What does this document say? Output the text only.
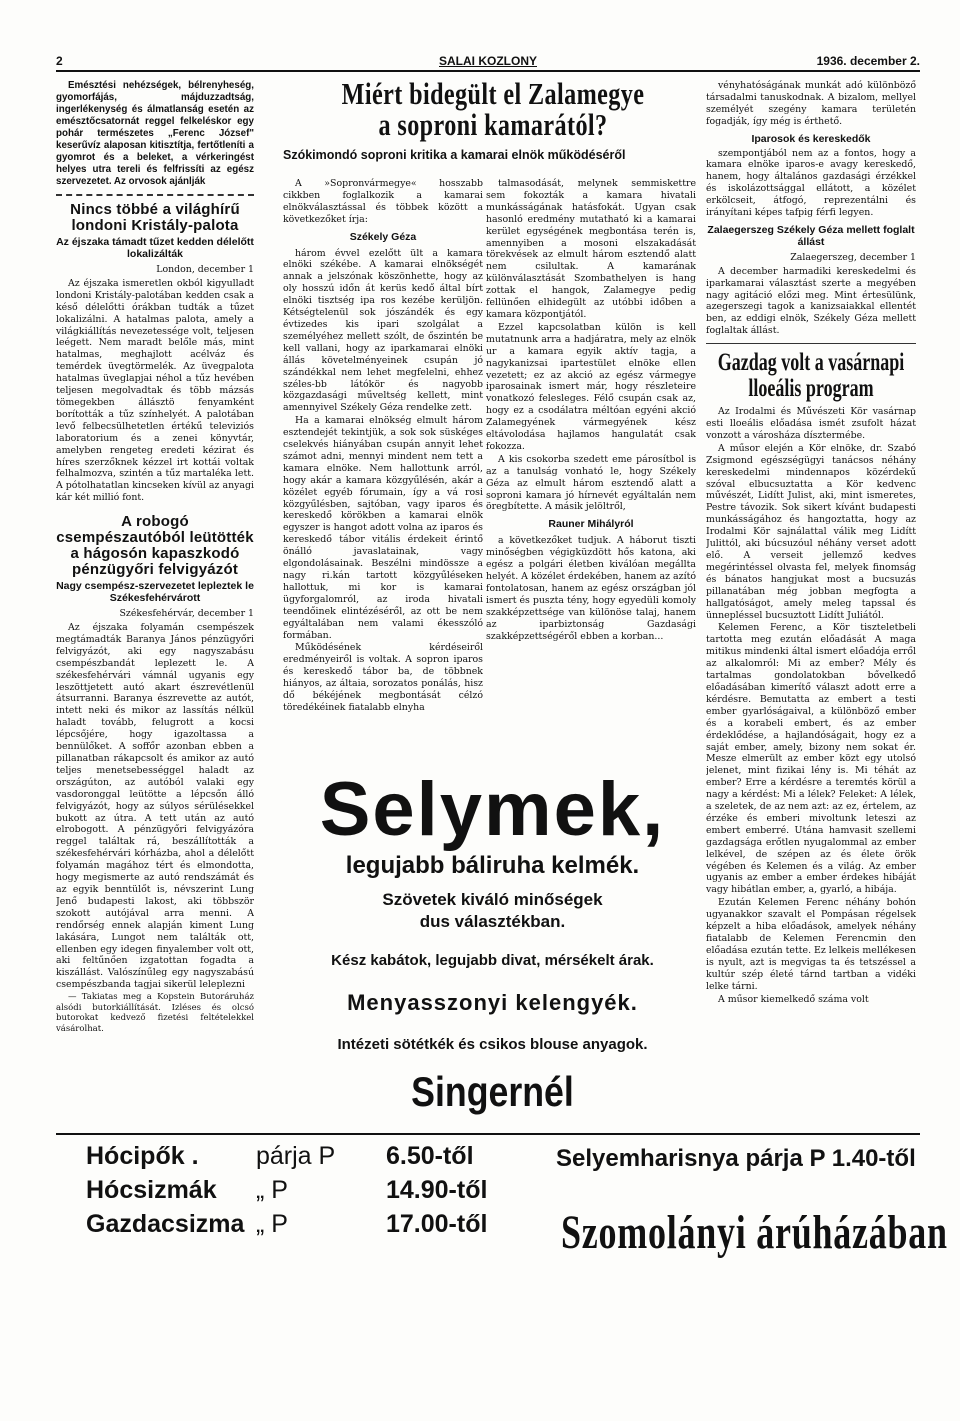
2	SALAI KOZLONY	1936. december 2.

Emésztési nehézségek, bélrenyheség, gyomorfájás, májduzzadtság, ingerlékenység és álmatlanság esetén az emésztőcsatornát reggel felkeléskor egy pohár természetes „Ferenc József" keserűvíz alaposan kitisztítja, fertőtleníti a gyomrot és a beleket, a vérkeringést helyes utra tereli és felfrissíti az egész szervezetet. Az orvosok ajánlják

Nincs többé a világhírű londoni Kristály-palota
Az éjszaka támadt tűzet kedden délelőtt lokalizálták
London, december 1

Az éjszaka ismeretlen okból kigyulladt londoni Kristály-palotában kedden csak a késő délelőtti órákban tudták a tűzet lokalizálni. A hatalmas palota, amely a világkiállítás nevezetessége volt, teljesen leégett. Nem maradt belőle más, mint hatalmas, meghajlott acélváz és temérdek üvegtörmelék. Az üvegpalota hatalmas üveglapjai néhol a tűz hevében teljesen megolvadtak és több mázsás tömegekben állásztö fenyamként borították a tűz színhelyét. A palotában levő felbecsülhetetlen értékű televiziós laboratorium és a zenei könyvtár, amelyben rengeteg eredeti kézirat és híres szerzőknek kézzel irt kottái voltak felhalmozva, szintén a tűz martaléka lett. A pótolhatatlan kincseken kívül az anyagi kár két millió font.

A robogó csempészautóból leütötték a hágosón kapaszkodó pénzügyőri felvigyázót
Nagy csempész-szervezetet lepleztek le Székesfehérvárott
Székesfehérvár, december 1

Az éjszaka folyamán csempészek megtámadták Baranya János pénzügyőri felvigyázót, aki egy nagyszabásu csempészbandát leplezett le. A székesfehérvári vámnál ugyanis egy leszöttjetett autó akart észrevétlenül átsurranni. Baranya észrevette az autót, intett neki és mikor az lassítás nélkül haladt tovább, felugrott a kocsi lépcsőjére, hogy igazoltassa a bennülőket. A soffőr azonban ebben a pillanatban rákapcsolt és amikor az autó teljes menetsebességgel haladt az országúton, az autóból valaki egy vasdoronggal leütötte a lépcsőn álló felvigyázót, hogy az súlyos sérülésekkel bukott az útra. A tett után az autó elrobogott. A pénzügyőri felvigyázóra reggel találtak rá, beszállították a székesfehérvári kórházba, ahol a délelőtt folyamán magához tért és elmondotta, hogy megismerte az autó rendszámát és az egyik benntülőt is, névszerint Lung Jenő budapesti lakost, aki többször szokott autójával arra menni. A rendőrség ennek alapján kiment Lung lakására, Lungot nem találták ott, ellenben egy idegen finyalember volt ott, aki feltűnően izgatottan fogadta a kiszállást. Valószínűleg egy nagyszabású csempészbanda tagjai sikerül leleplezni

— Takiatas meg a Kopstein Butoráruház alsódi butorkiállítását. Izléses és olcsó butorokat kedvező fizetési feltételekkel vásárolhat.

Miért bidegült el Zalamegye
a soproni kamarától?
Szókimondó soproni kritika a kamarai elnök működéséről

A »Sopronvármegye« hosszabb cikkben foglalkozik a kamarai elnökválasztással és többek között a következőket írja:

Székely Géza

három évvel ezelőtt ült a kamara elnöki székébe. A kamarai elnökségét annak a jelszónak köszönhette, hogy az oly hosszú időn át kerüs kedő által bírt elnöki tisztség ipa ros kezébe kerüljön. Kétségtelenül sok jószándék és egy évtizedes kis ipari szolgálat a személyéhez mellett szólt, de őszintén be kell vallani, hogy az iparkamarai elnöki állás követelményeinek csupán jó szándékkal nem lehet megfelelni, ehhez széles-bb látókör és nagyobb közgazdasági műveltség kellett, mint amennyivel Székely Géza rendelke zett.

Ha a kamarai elnökség elmult három esztendejét tekintjük, a sok sok süskéges cselekvés hiányában csupán annyit lehet számot adni, mennyi mindent nem tett a kamara elnöke. Nem hallottunk arról, hogy akár a kamara közgyűlésén, akár a közélet egyéb fórumain, így a vá rosi közgyűlésben, sajtóban, vagy iparos és kereskedő körökben a kamarai elnök egyszer is hangot adott volna az iparos és kereskedő tábor vitális érdekeit érintő önálló javaslatainak, vagy elgondolásainak. Beszélni mindössze a nagy ri.kán tartott közgyűléseken hallottuk, mi kor is kamarai ügyforgalomról, az iroda hivatali teendőinek elintézéséről, az ott be nem egyáltalában nem valami ékesszóló formában.

Működésének kérdéseiről eredményeiről is voltak. A sopron iparos és kereskedő tábor ba, de többnek hiányos, az áltaia, sorozatos ponálás, hisz dő békéjének megbontását célzó töredékéinek fiatalabb elnyha

talmasodását, melynek semmiskettre sem fokozták a kamara hivatali munkásságának hatásfokát. Ugyan csak hasonló eredmény mutatható ki a kamarai kerület egységének megbontása terén is, amennyiben a mosoni elszakadását törekvések az elmult három esztendő alatt nem csilultak. A kamarának különválasztását Szombathelyen is hang zottak el hangok, Zalamegye pedig fellünően elhidegült az utóbbi időben a kamara központjától.

Ezzel kapcsolatban külön is kell mutatnunk arra a hadjáratra, mely az elnök ur a kamara egyik aktív tagja, a nagykanizsai ipartestület elnöke ellen vezetett; ez az akció az egész vármegye iparosainak ismert már, hogy részleteire vonatkozó felesleges. Félő csupán csak az, hogy ez a csodálatra méltóan egyéni akció Zalamegyének vármegyének kész eltávolodása hajlamos hangulatát csak fokozza.

A kis csokorba szedett eme párosítbol is az a tanulság vonható le, hogy Székely Géza az elmult három esztendő alatt a soproni kamara jó hírnevét egyáltalán nem öregbítette. A másik jelöltről,

Rauner Mihályról

a következőket tudjuk. A háborut tiszti minőségben végigküzdött hős katona, aki egész a polgári életben kiválóan megállta helyét. A közélet érdekében, hanem az azító fontolatosan, hanem az egész országban jól ismert és puszta tény, hogy egyedüli komoly szakképzettsége van különöse talaj, hanem az iparbiztonság Gazdasági szakképzettségéről ebben a korban...

Selymek,
legujabb báliruha kelmék.
Szövetek kiváló minőségek
dus választékban.
Kész kabátok, legujabb divat, mérsékelt árak.
Menyasszonyi kelengyék.
Intézeti sötétkék és csikos blouse anyagok.
Singernél

vényhatóságának munkát adó különböző társadalmi tanuskodnak. A bizalom, mellyel személyét szegény kamara területén fogadják, így még is érthető.

Iparosok és kereskedők

szempontjából nem az a fontos, hogy a kamara elnöke iparos-e avagy kereskedő, hanem, hogy általános gazdasági érzékkel és iskolázottsággal ellátott, a közélet erkölcseit, átfogó, reprezentálni és irányítani képes tafpig férfi legyen.

Zalaegerszeg Székely Géza mellett foglalt állást
Zalaegerszeg, december 1

A december harmadiki kereskedelmi és iparkamarai választást szerte a megyében nagy agitáció előzi meg. Mint értesülünk, azegerszegi tagok a kanizsaiakkal ellentét ben, az eddigi elnök, Székely Géza mellett foglaltak állást.

Gazdag volt a vasárnapi lloeális program

Az Irodalmi és Művészeti Kör vasárnap esti lloeális előadása ismét zsufolt házat vonzott a városháza dísztermébe.

A műsor elején a Kör elnöke, dr. Szabó Zsigmond egészségügyi tanácsos néhány kereskedelmi mindennapos közérdekű szóval elbucsuztatta a Kör kedvenc művészét, Lidítt Julist, aki, mint ismeretes, Pestre távozik. Sok sikert kívánt budapesti munkásságához és hangoztatta, hogy az Irodalmi Kör sajnálattal válik meg Lidítt Julittól, aki búcsuzóul néhány verset adott elő. A verseit jellemző kedves megérintéssel olvasta fel, melyek finomság és bánatos hangjukat most a bucsuzás pillanatában még jobban megfogta a hallgatóságot, amely meleg tapssal és ünnepléssel bucsuztott Lidítt Juliától.

Kelemen Ferenc, a Kör tiszteletbeli tartotta meg ezután előadását A maga mitikus mindenki által ismert előadója erről az alkalomról: Mi az ember? Mély és tartalmas gondolatokban bővelkedő előadásában kimerítő választ adott erre a kérdésre. Bemutatta az embert a testi ember gyarlóságaival, a különböző ember és a korabeli embert, és az ember érdeklődése, a hajlandóságait, hogy ez a saját ember, amely, bizony nem sokat ér. Mesze elmerült az ember közt egy utolsó jelenet, mint fizikai lény is. Mi téhát az ember? Erre a kérdésre a teremtés körül a nagy a kérdést: Mi a lélek? Feleket: A lélek, a szeletek, de az nem azt: az ez, értelem, az érzéke és emberi mivoltunk leteszi az embert emberré. Utána hamvasit szellemi gazdagsága erőtlen nyugalommal az ember lelkével, de szépen az és élete örök végében és Kelemen és a világ. Az ember ugyanis az ember a ember érdekes hibáját vagy hibátlan ember, a, gyarló, a hibája.

Ezután Kelemen Ferenc néhány bohón ugyanakkor szavalt el Pompásan régelsek képzelt a hiba előadások, amelyek néhány fiatalabb de Kelemen Ferencmin den előadása ezután tette. Ez lelkeis mellékesen is nyult, azt is megvigas ta és tetszéssel a kultúr szép életé tárnd tartban a vidéki lelke tárni.

A műsor kiemelkedő száma volt

Hócipők . párja P 6.50-től
Hócsizmák „ P	14.90-től
Gazdacsizma „ P	17.00-től
Selyemharisnya párja P 1.40-től
Szomolányi árúházában
